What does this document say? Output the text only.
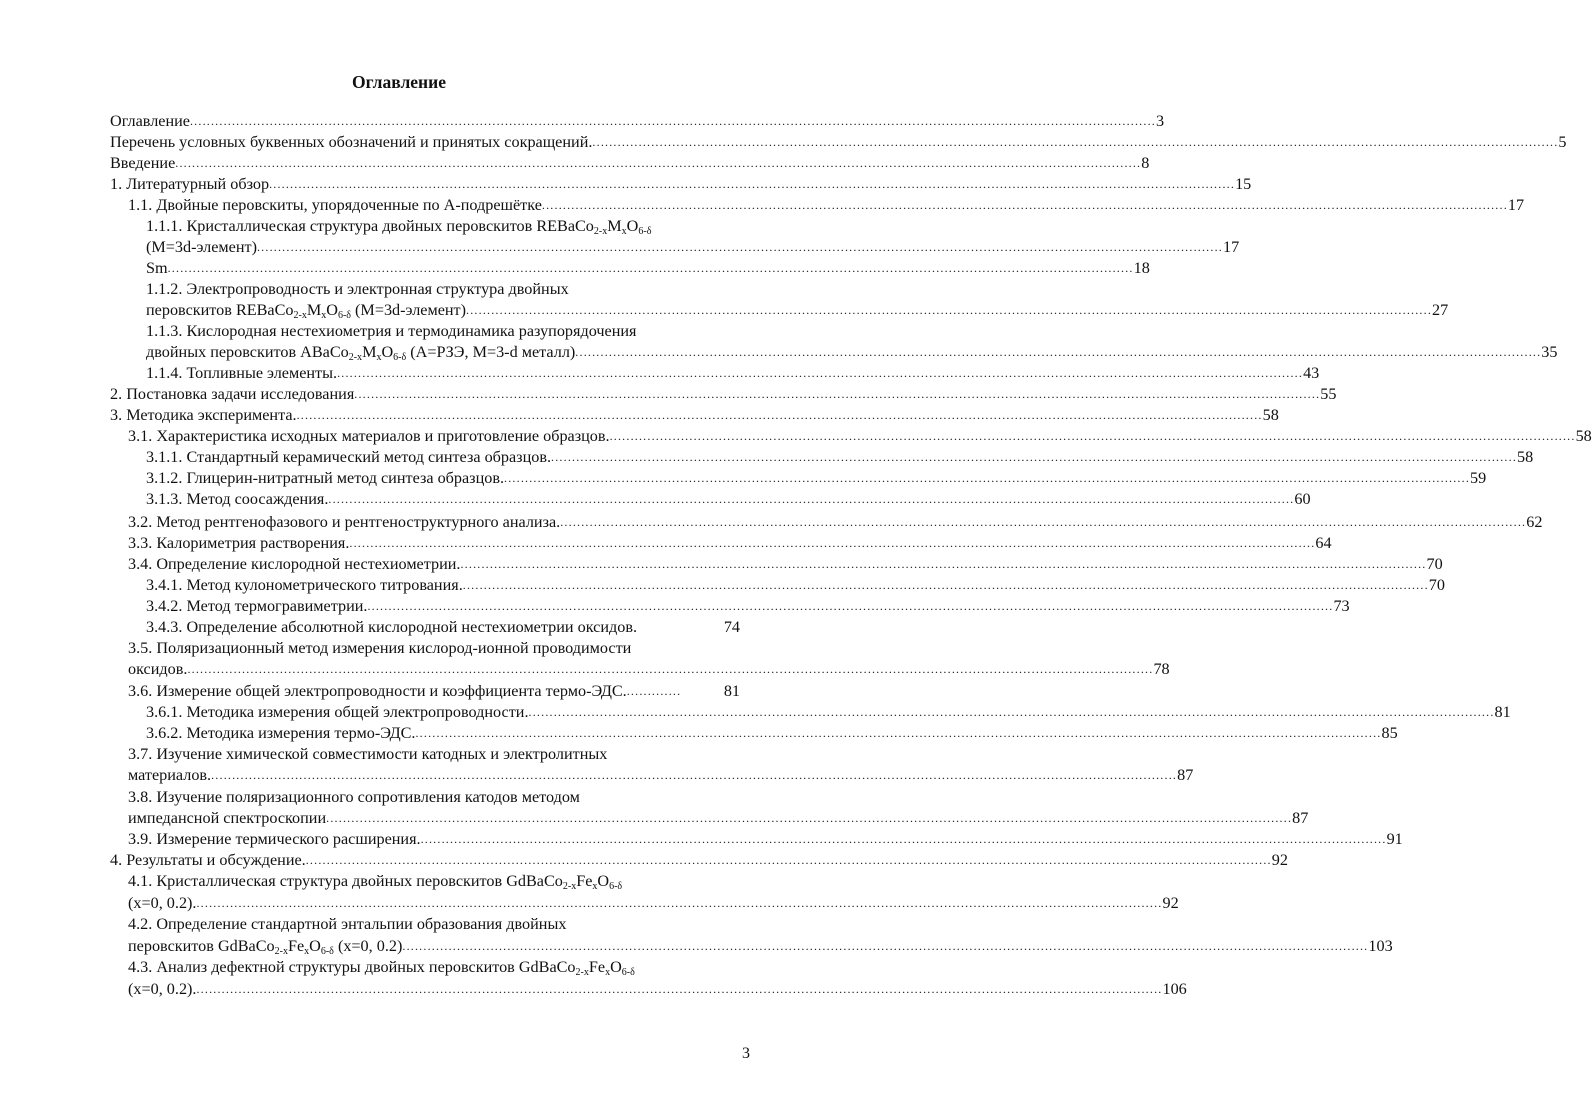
Оглавление
Оглавление ...................................................................................................................................................................................................................................... 3
Перечень условных буквенных обозначений и принятых сокращений. ...................................................................................................................................................................................................................................... 5
Введение ...................................................................................................................................................................................................................................... 8
1. Литературный обзор ...................................................................................................................................................................................................................................... 15
1.1. Двойные перовскиты, упорядоченные по А-подрешётке ...................................................................................................................................................................................................................................... 17
1.1.1. Кристаллическая структура двойных перовскитов $REBaCo_{2-x}M_xO_{6-\delta}$
(M=3d-элемент) ...................................................................................................................................................................................................................................... 17
Sm ...................................................................................................................................................................................................................................... 18
1.1.2. Электропроводность и электронная структура двойных
перовскитов $REBaCo_{2-x}M_xO_{6-\delta}$ (M=3d-элемент) ...................................................................................................................................................................................................................................... 27
1.1.3. Кислородная нестехиометрия и термодинамика разупорядочения
двойных перовскитов $ABaCo_{2-x}M_xO_{6-\delta}$ (A=РЗЭ, M=3-d металл) ...................................................................................................................................................................................................................................... 35
1.1.4. Топливные элементы. ...................................................................................................................................................................................................................................... 43
2. Постановка задачи исследования ...................................................................................................................................................................................................................................... 55
3. Методика эксперимента. ...................................................................................................................................................................................................................................... 58
3.1. Характеристика исходных материалов и приготовление образцов. ...................................................................................................................................................................................................................................... 58
3.1.1. Стандартный керамический метод синтеза образцов. ...................................................................................................................................................................................................................................... 58
3.1.2. Глицерин-нитратный метод синтеза образцов. ...................................................................................................................................................................................................................................... 59
3.1.3. Метод соосаждения. ...................................................................................................................................................................................................................................... 60
3.2. Метод рентгенофазового и рентгеноструктурного анализа. ...................................................................................................................................................................................................................................... 62
3.3. Калориметрия растворения. ...................................................................................................................................................................................................................................... 64
3.4. Определение кислородной нестехиометрии. ...................................................................................................................................................................................................................................... 70
3.4.1. Метод кулонометрического титрования. ...................................................................................................................................................................................................................................... 70
3.4.2. Метод термогравиметрии. ...................................................................................................................................................................................................................................... 73
3.4.3. Определение абсолютной кислородной нестехиометрии оксидов.	74
3.5. Поляризационный метод измерения кислород-ионной проводимости
оксидов. ...................................................................................................................................................................................................................................... 78
3.6. Измерение общей электропроводности и коэффициента термо-ЭДС. .............	81
3.6.1. Методика измерения общей электропроводности. ...................................................................................................................................................................................................................................... 81
3.6.2. Методика измерения термо-ЭДС. ...................................................................................................................................................................................................................................... 85
3.7. Изучение химической совместимости катодных и электролитных
материалов. ...................................................................................................................................................................................................................................... 87
3.8. Изучение поляризационного сопротивления катодов методом
импедансной спектроскопии ...................................................................................................................................................................................................................................... 87
3.9. Измерение термического расширения. ...................................................................................................................................................................................................................................... 91
4. Результаты и обсуждение. ...................................................................................................................................................................................................................................... 92
4.1. Кристаллическая структура двойных перовскитов $GdBaCo_{2-x}Fe_xO_{6-\delta}$
(x=0, 0.2). ...................................................................................................................................................................................................................................... 92
4.2. Определение стандартной энтальпии образования двойных
перовскитов $GdBaCo_{2-x}Fe_xO_{6-\delta}$ (x=0, 0.2) ...................................................................................................................................................................................................................................... 103
4.3. Анализ дефектной структуры двойных перовскитов $GdBaCo_{2-x}Fe_xO_{6-\delta}$
(x=0, 0.2). ...................................................................................................................................................................................................................................... 106
3
